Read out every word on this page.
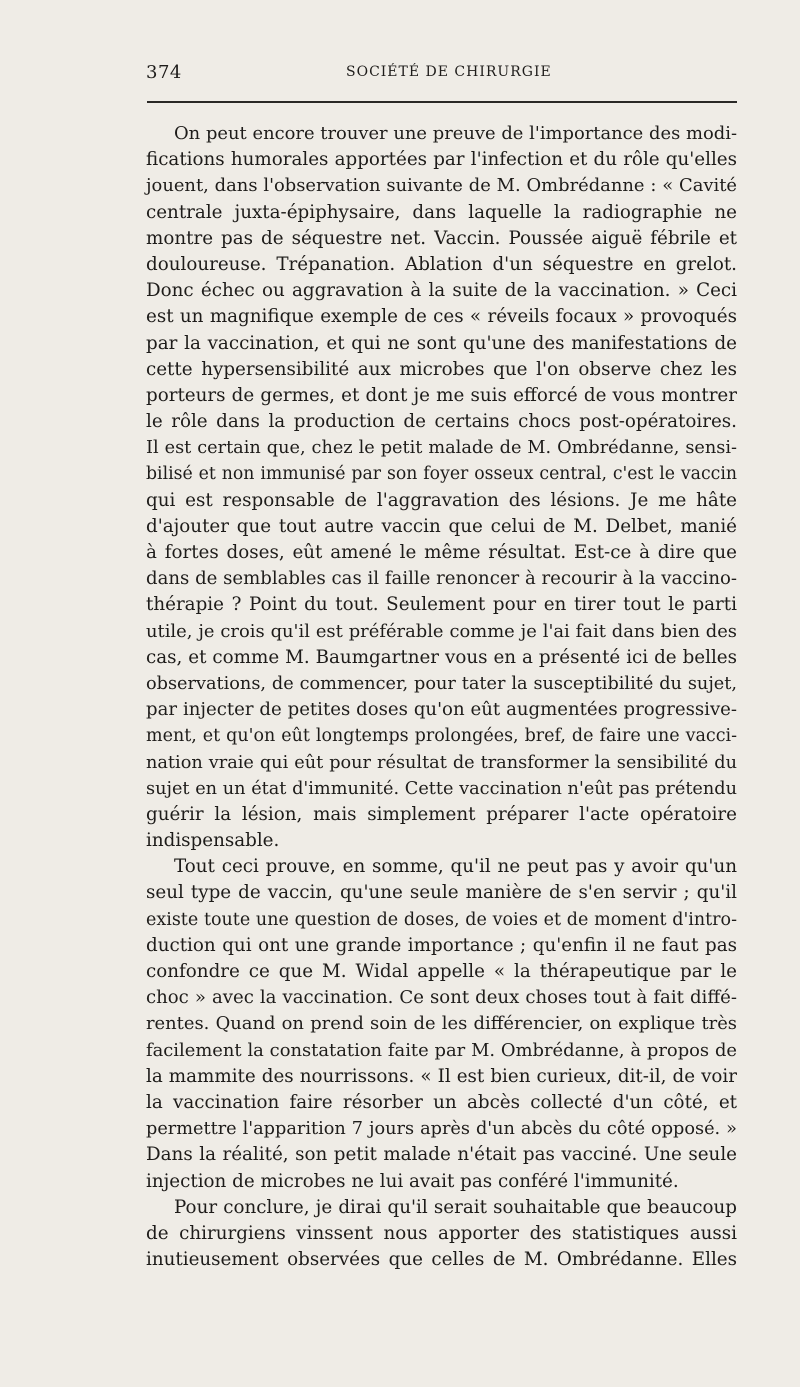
374	SOCIÉTÉ DE CHIRURGIE
On peut encore trouver une preuve de l'importance des modi-
fications humorales apportées par l'infection et du rôle qu'elles
jouent, dans l'observation suivante de M. Ombrédanne : « Cavité
centrale juxta-épiphysaire, dans laquelle la radiographie ne
montre pas de séquestre net. Vaccin. Poussée aiguë fébrile et
douloureuse. Trépanation. Ablation d'un séquestre en grelot.
Donc échec ou aggravation à la suite de la vaccination. » Ceci
est un magnifique exemple de ces « réveils focaux » provoqués
par la vaccination, et qui ne sont qu'une des manifestations de
cette hypersensibilité aux microbes que l'on observe chez les
porteurs de germes, et dont je me suis efforcé de vous montrer
le rôle dans la production de certains chocs post-opératoires.
Il est certain que, chez le petit malade de M. Ombrédanne, sensi-
bilisé et non immunisé par son foyer osseux central, c'est le vaccin
qui est responsable de l'aggravation des lésions. Je me hâte
d'ajouter que tout autre vaccin que celui de M. Delbet, manié
à fortes doses, eût amené le même résultat. Est-ce à dire que
dans de semblables cas il faille renoncer à recourir à la vaccino-
thérapie ? Point du tout. Seulement pour en tirer tout le parti
utile, je crois qu'il est préférable comme je l'ai fait dans bien des
cas, et comme M. Baumgartner vous en a présenté ici de belles
observations, de commencer, pour tater la susceptibilité du sujet,
par injecter de petites doses qu'on eût augmentées progressive-
ment, et qu'on eût longtemps prolongées, bref, de faire une vacci-
nation vraie qui eût pour résultat de transformer la sensibilité du
sujet en un état d'immunité. Cette vaccination n'eût pas prétendu
guérir la lésion, mais simplement préparer l'acte opératoire
indispensable.
Tout ceci prouve, en somme, qu'il ne peut pas y avoir qu'un
seul type de vaccin, qu'une seule manière de s'en servir ; qu'il
existe toute une question de doses, de voies et de moment d'intro-
duction qui ont une grande importance ; qu'enfin il ne faut pas
confondre ce que M. Widal appelle « la thérapeutique par le
choc » avec la vaccination. Ce sont deux choses tout à fait diffé-
rentes. Quand on prend soin de les différencier, on explique très
facilement la constatation faite par M. Ombrédanne, à propos de
la mammite des nourrissons. « Il est bien curieux, dit-il, de voir
la vaccination faire résorber un abcès collecté d'un côté, et
permettre l'apparition 7 jours après d'un abcès du côté opposé. »
Dans la réalité, son petit malade n'était pas vacciné. Une seule
injection de microbes ne lui avait pas conféré l'immunité.
Pour conclure, je dirai qu'il serait souhaitable que beaucoup
de chirurgiens vinssent nous apporter des statistiques aussi
inutieusement observées que celles de M. Ombrédanne. Elles
